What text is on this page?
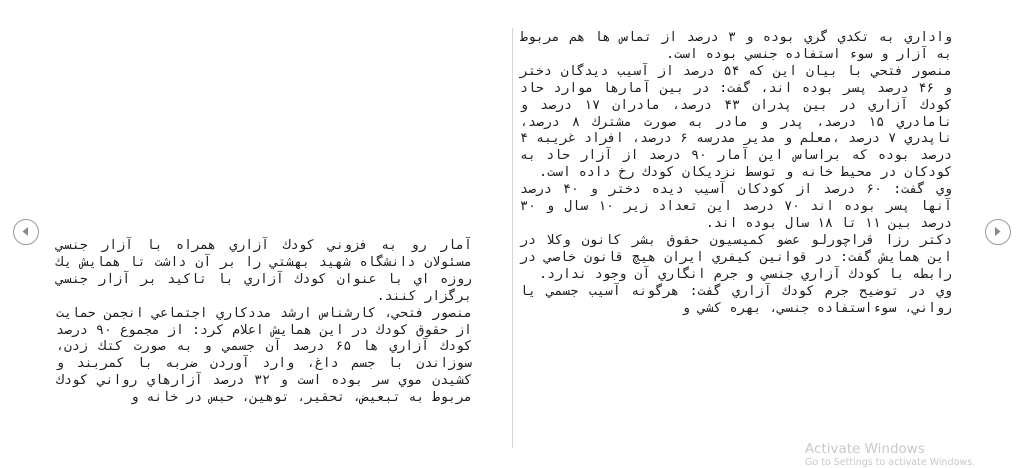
آمار رو به فزوني كودك آزاري همراه با آزار جنسي مسئولان دانشگاه شهيد بهشتي را بر آن داشت تا همايش يك روزه اي با عنوان كودك آزاري با تاكيد بر آزار جنسي برگزار كنند.

منصور فتحي، كارشناس ارشد مددكاري اجتماعي انجمن حمايت از حقوق كودك در اين همايش اعلام كرد: از مجموع ۹۰ درصد كودك آزاري ها ۶۵ درصد آن جسمي و به صورت كتك زدن، سوزاندن با جسم داغ، وارد آوردن ضربه با كمربند و كشيدن موي سر بوده است و ۳۲ درصد آزارهاي رواني كودك مربوط به تبعيض، تحقير، توهين، حبس در خانه و

واداري به تكدي گري بوده و ۳ درصد از تماس ها هم مربوط به آزار و سوء استفاده جنسي بوده است.

منصور فتحي با بيان اين كه ۵۴ درصد از آسيب ديدگان دختر و ۴۶ درصد پسر بوده اند، گفت: در بين آمارها موارد حاد كودك آزاري در بين پدران ۴۳ درصد، مادران ۱۷ درصد و نامادري ۱۵ درصد، پدر و مادر به صورت مشترك ۸ درصد، ناپدري ۷ درصد ،معلم و مدير مدرسه ۶ درصد، افراد غريبه ۴ درصد بوده كه براساس اين آمار ۹۰ درصد از آزار حاد به كودكان در محيط خانه و توسط نزديكان كودك رخ داده است.

وي گفت: ۶۰ درصد از كودكان آسيب ديده دختر و ۴۰ درصد آنها پسر بوده اند ۷۰ درصد اين تعداد زير ۱۰ سال و ۳۰ درصد بين ۱۱ تا ۱۸ سال بوده اند.

دكتر رزا قراچورلو عضو كميسيون حقوق بشر كانون وكلا در اين همايش گفت: در قوانين كيفري ايران هيچ قانون خاصي در رابطه با كودك آزاري جنسي و جرم انگاري آن وجود ندارد.

وي در توضيح جرم كودك آزاري گفت: هرگونه آسيب جسمي يا رواني، سوءاستفاده جنسي، بهره كشي و

Activate Windows
Go to Settings to activate Windows.
